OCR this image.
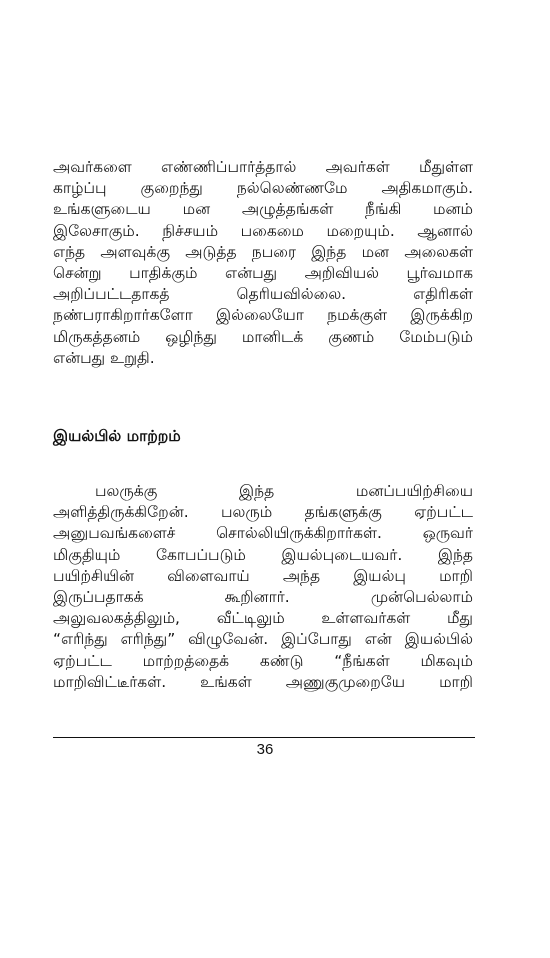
அவர்களை எண்ணிப்பார்த்தால் அவர்கள் மீதுள்ள
காழ்ப்பு குறைந்து நல்லெண்ணமே அதிகமாகும்.
உங்களுடைய மன அழுத்தங்கள் நீங்கி மனம்
இலேசாகும். நிச்சயம் பகைமை மறையும். ஆனால்
எந்த அளவுக்கு அடுத்த நபரை இந்த மன அலைகள்
சென்று பாதிக்கும் என்பது அறிவியல் பூர்வமாக
அறிப்பட்டதாகத் தெரியவில்லை. எதிரிகள்
நண்பராகிறார்களோ இல்லையோ நமக்குள் இருக்கிற
மிருகத்தனம் ஒழிந்து மானிடக் குணம் மேம்படும்
என்பது உறுதி.
இயல்பில் மாற்றம்
பலருக்கு இந்த மனப்பயிற்சியை
அளித்திருக்கிறேன். பலரும் தங்களுக்கு ஏற்பட்ட
அனுபவங்களைச் சொல்லியிருக்கிறார்கள். ஒருவர்
மிகுதியும் கோபப்படும் இயல்புடையவர். இந்த
பயிற்சியின் விளைவாய் அந்த இயல்பு மாறி
இருப்பதாகக் கூறினார். முன்பெல்லாம்
அலுவலகத்திலும், வீட்டிலும் உள்ளவர்கள் மீது
“எரிந்து எரிந்து” விழுவேன். இப்போது என் இயல்பில்
ஏற்பட்ட மாற்றத்தைக் கண்டு “நீங்கள் மிகவும்
மாறிவிட்டீர்கள். உங்கள் அணுகுமுறையே மாறி
36
